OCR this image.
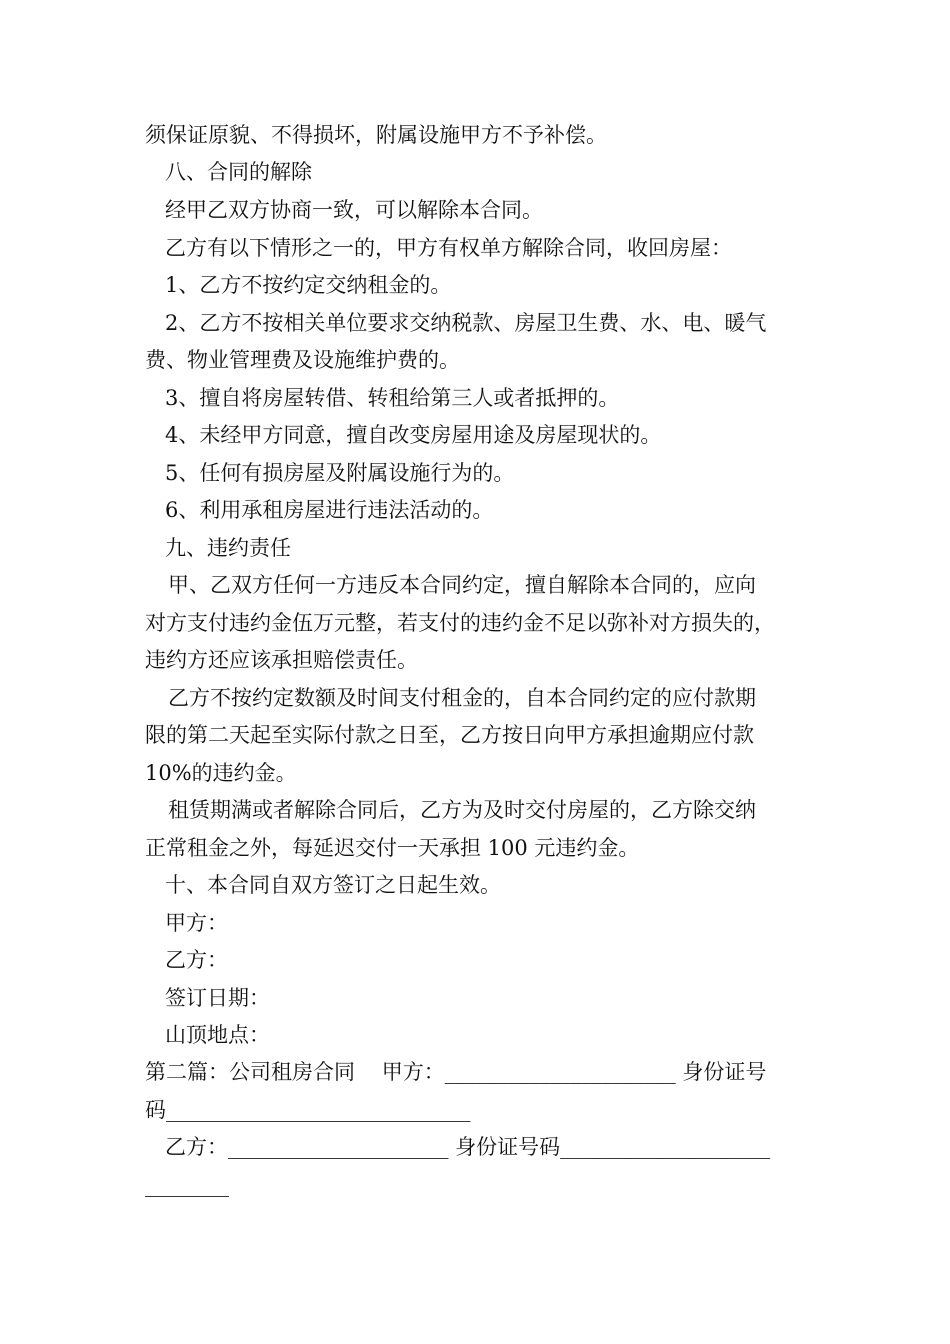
须保证原貌、不得损坏，附属设施甲方不予补偿。
八、合同的解除
经甲乙双方协商一致，可以解除本合同。
乙方有以下情形之一的，甲方有权单方解除合同，收回房屋：
1、乙方不按约定交纳租金的。
2、乙方不按相关单位要求交纳税款、房屋卫生费、水、电、暖气
费、物业管理费及设施维护费的。
3、擅自将房屋转借、转租给第三人或者抵押的。
4、未经甲方同意，擅自改变房屋用途及房屋现状的。
5、任何有损房屋及附属设施行为的。
6、利用承租房屋进行违法活动的。
九、违约责任
甲、乙双方任何一方违反本合同约定，擅自解除本合同的，应向
对方支付违约金伍万元整，若支付的违约金不足以弥补对方损失的，
违约方还应该承担赔偿责任。
乙方不按约定数额及时间支付租金的，自本合同约定的应付款期
限的第二天起至实际付款之日至，乙方按日向甲方承担逾期应付款
10%的违约金。
租赁期满或者解除合同后，乙方为及时交付房屋的，乙方除交纳
正常租金之外，每延迟交付一天承担 100 元违约金。
十、本合同自双方签订之日起生效。
甲方：
乙方：
签订日期：
山顶地点：
第二篇：公司租房合同    甲方：______________________ 身份证号
码_____________________________
乙方：_____________________ 身份证号码____________________
________
